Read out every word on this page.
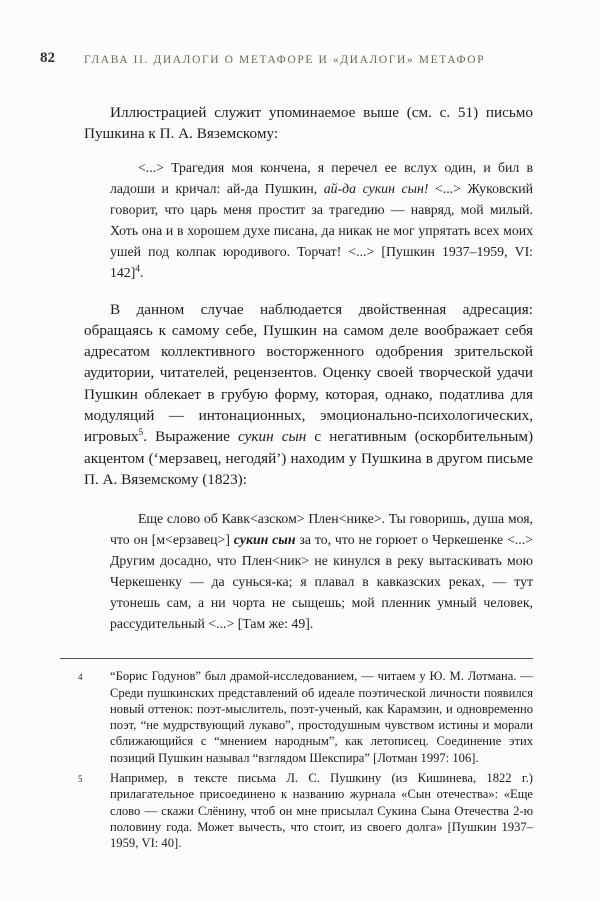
82	ГЛАВА II. ДИАЛОГИ О МЕТАФОРЕ И «ДИАЛОГИ» МЕТАФОР

Иллюстрацией служит упоминаемое выше (см. с. 51) письмо Пушкина к П. А. Вяземскому:

<...> Трагедия моя кончена, я перечел ее вслух один, и бил в ладоши и кричал: ай-да Пушкин, ай-да сукин сын! <...> Жуковский говорит, что царь меня простит за трагедию — навряд, мой милый. Хоть она и в хорошем духе писана, да никак не мог упрятать всех моих ушей под колпак юродивого. Торчат! <...> [Пушкин 1937–1959, VI: 142]$^4$.

В данном случае наблюдается двойственная адресация: обращаясь к самому себе, Пушкин на самом деле воображает себя адресатом коллективного восторженного одобрения зрительской аудитории, читателей, рецензентов. Оценку своей творческой удачи Пушкин облекает в грубую форму, которая, однако, податлива для модуляций — интонационных, эмоционально-психологических, игровых$^5$. Выражение сукин сын с негативным (оскорбительным) акцентом (‘мерзавец, негодяй’) находим у Пушкина в другом письме П. А. Вяземскому (1823):

Еще слово об Кавк<азском> Плен<нике>. Ты говоришь, душа моя, что он [м<ерзавец>] сукин сын за то, что не горюет о Черкешенке <...> Другим досадно, что Плен<ник> не кинулся в реку вытаскивать мою Черкешенку — да сунься-ка; я плавал в кавказских реках, — тут утонешь сам, а ни чорта не сыщешь; мой пленник умный человек, рассудительный <...> [Там же: 49].
4 “Борис Годунов” был драмой-исследованием, — читаем у Ю. М. Лотмана. — Среди пушкинских представлений об идеале поэтической личности появился новый оттенок: поэт-мыслитель, поэт-ученый, как Карамзин, и одновременно поэт, “не мудрствующий лукаво”, простодушным чувством истины и морали сближающийся с “мнением народным”, как летописец. Соединение этих позиций Пушкин называл “взглядом Шекспира” [Лотман 1997: 106].
5 Например, в тексте письма Л. С. Пушкину (из Кишинева, 1822 г.) прилагательное присоединено к названию журнала «Сын отечества»: «Еще слово — скажи Слёнину, чтоб он мне присылал Сукина Сына Отечества 2-ю половину года. Может вычесть, что стоит, из своего долга» [Пушкин 1937–1959, VI: 40].
